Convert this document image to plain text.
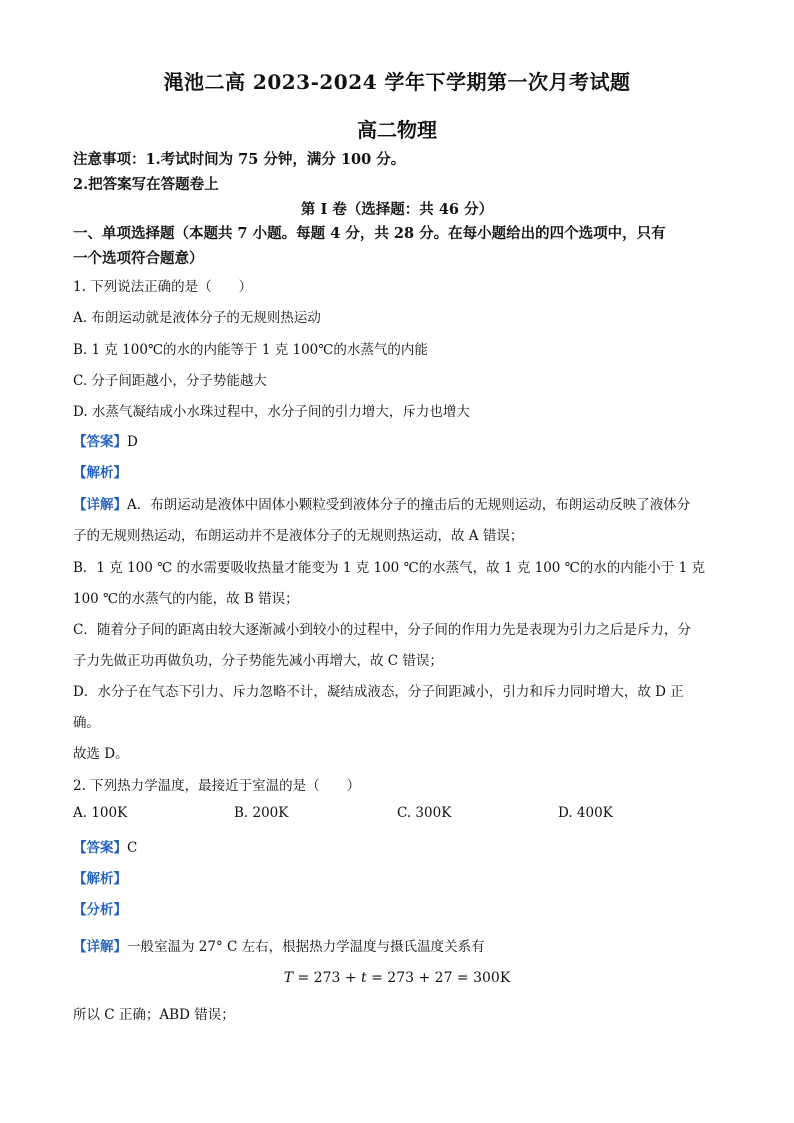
渑池二高 2023-2024 学年下学期第一次月考试题
高二物理
注意事项：1.考试时间为 75 分钟，满分 100 分。
2.把答案写在答题卷上
第 I 卷（选择题：共 46 分）
一、单项选择题（本题共 7 小题。每题 4 分，共 28 分。在每小题给出的四个选项中，只有
一个选项符合题意）
1. 下列说法正确的是（　　）
A. 布朗运动就是液体分子的无规则热运动
B. 1 克 100℃的水的内能等于 1 克 100℃的水蒸气的内能
C. 分子间距越小，分子势能越大
D. 水蒸气凝结成小水珠过程中，水分子间的引力增大，斥力也增大
【答案】D
【解析】
【详解】A．布朗运动是液体中固体小颗粒受到液体分子的撞击后的无规则运动，布朗运动反映了液体分
子的无规则热运动，布朗运动并不是液体分子的无规则热运动，故 A 错误；
B．1 克 100 ℃ 的水需要吸收热量才能变为 1 克 100 ℃的水蒸气，故 1 克 100 ℃的水的内能小于 1 克
100 ℃的水蒸气的内能，故 B 错误；
C．随着分子间的距离由较大逐渐减小到较小的过程中，分子间的作用力先是表现为引力之后是斥力，分
子力先做正功再做负功，分子势能先减小再增大，故 C 错误；
D．水分子在气态下引力、斥力忽略不计，凝结成液态，分子间距减小，引力和斥力同时增大，故 D 正
确。
故选 D。
2. 下列热力学温度，最接近于室温的是（　　）
A. 100K	B. 200K	C. 300K	D. 400K
【答案】C
【解析】
【分析】
【详解】一般室温为 27° C 左右，根据热力学温度与摄氏温度关系有
T = 273 + t = 273 + 27 = 300K
所以 C 正确；ABD 错误；
